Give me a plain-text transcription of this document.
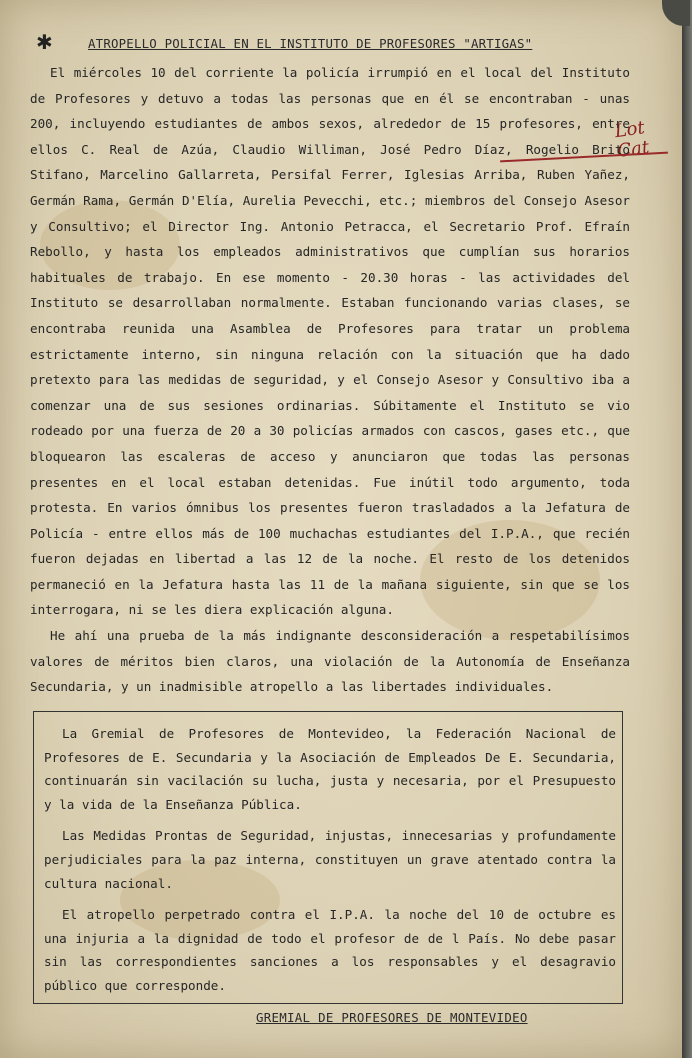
✱	ATROPELLO POLICIAL EN EL INSTITUTO DE PROFESORES "ARTIGAS"
Lot Cat

El miércoles 10 del corriente la policía irrumpió en el local del Instituto de Profesores y detuvo a todas las personas que en él se encontraban - unas 200, incluyendo estudiantes de ambos sexos, alrededor de 15 profesores, entre ellos C. Real de Azúa, Claudio Williman, José Pedro Díaz, Rogelio Brito Stifano, Marcelino Gallarreta, Persifal Ferrer, Iglesias Arriba, Ruben Yañez, Germán Rama, Germán D'Elía, Aurelia Pevecchi, etc.; miembros del Consejo Asesor y Consultivo; el Director Ing. Antonio Petracca, el Secretario Prof. Efraín Rebollo, y hasta los empleados administrativos que cumplían sus horarios habituales de trabajo. En ese momento - 20.30 horas - las actividades del Instituto se desarrollaban normalmente. Estaban funcionando varias clases, se encontraba reunida una Asamblea de Profesores para tratar un problema estrictamente interno, sin ninguna relación con la situación que ha dado pretexto para las medidas de seguridad, y el Consejo Asesor y Consultivo iba a comenzar una de sus sesiones ordinarias. Súbitamente el Instituto se vio rodeado por una fuerza de 20 a 30 policías armados con cascos, gases etc., que bloquearon las escaleras de acceso y anunciaron que todas las personas presentes en el local estaban detenidas. Fue inútil todo argumento, toda protesta. En varios ómnibus los presentes fueron trasladados a la Jefatura de Policía - entre ellos más de 100 muchachas estudiantes del I.P.A., que recién fueron dejadas en libertad a las 12 de la noche. El resto de los detenidos permaneció en la Jefatura hasta las 11 de la mañana siguiente, sin que se los interrogara, ni se les diera explicación alguna.

He ahí una prueba de la más indignante desconsideración a respetabilísimos valores de méritos bien claros, una violación de la Autonomía de Enseñanza Secundaria, y un inadmisible atropello a las libertades individuales.

La Gremial de Profesores de Montevideo, la Federación Nacional de Profesores de E. Secundaria y la Asociación de Empleados De E. Secundaria, continuarán sin vacilación su lucha, justa y necesaria, por el Presupuesto y la vida de la Enseñanza Pública.

Las Medidas Prontas de Seguridad, injustas, innecesarias y profundamente perjudiciales para la paz interna, constituyen un grave atentado contra la cultura nacional.

El atropello perpetrado contra el I.P.A. la noche del 10 de octubre es una injuria a la dignidad de todo el profesor de de l País. No debe pasar sin las correspondientes sanciones a los responsables y el desagravio público que corresponde.

GREMIAL DE PROFESORES DE MONTEVIDEO
